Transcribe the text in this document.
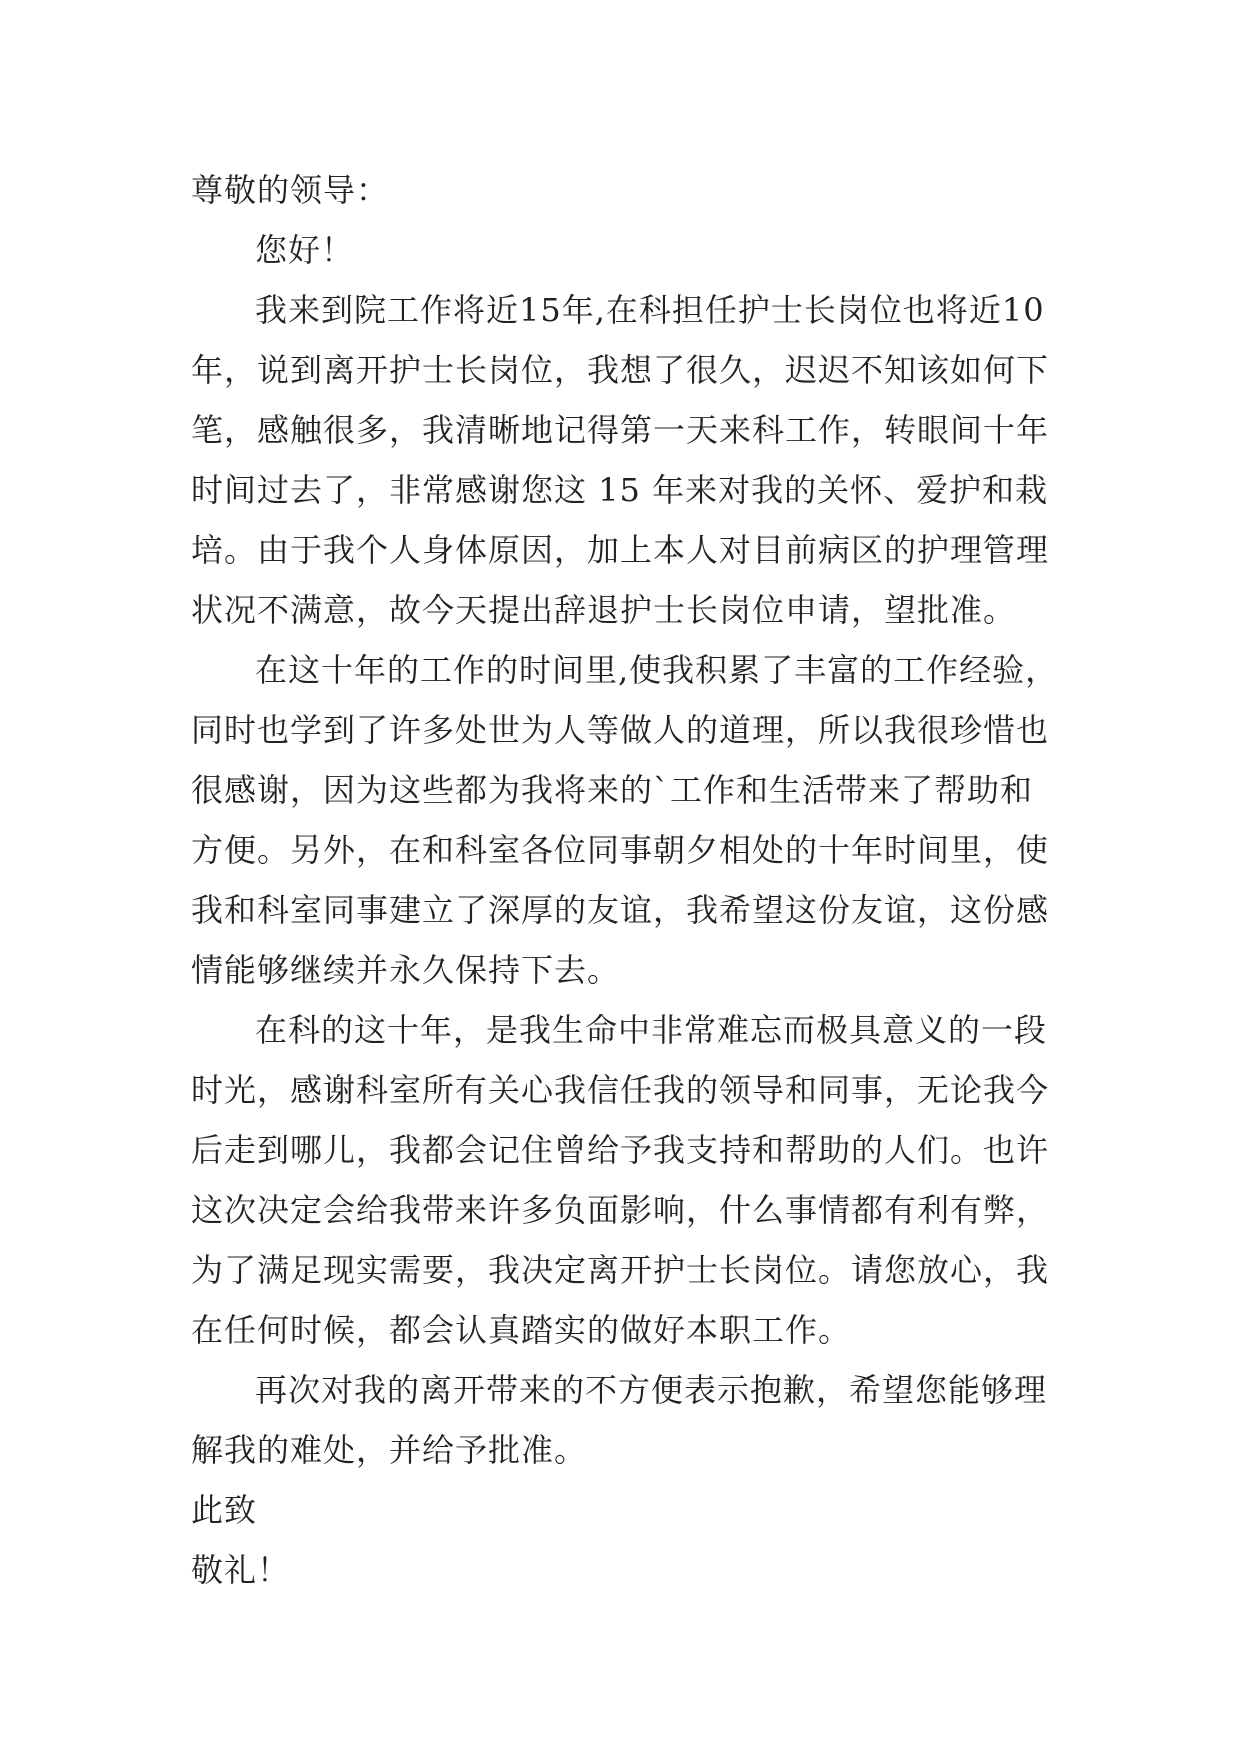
尊敬的领导：
您好！
我来到院工作将近15年,在科担任护士长岗位也将近10
年，说到离开护士长岗位，我想了很久，迟迟不知该如何下
笔，感触很多，我清晰地记得第一天来科工作，转眼间十年
时间过去了，非常感谢您这 15 年来对我的关怀、爱护和栽
培。由于我个人身体原因，加上本人对目前病区的护理管理
状况不满意，故今天提出辞退护士长岗位申请，望批准。
在这十年的工作的时间里,使我积累了丰富的工作经验，
同时也学到了许多处世为人等做人的道理，所以我很珍惜也
很感谢，因为这些都为我将来的`工作和生活带来了帮助和
方便。另外，在和科室各位同事朝夕相处的十年时间里，使
我和科室同事建立了深厚的友谊，我希望这份友谊，这份感
情能够继续并永久保持下去。
在科的这十年，是我生命中非常难忘而极具意义的一段
时光，感谢科室所有关心我信任我的领导和同事，无论我今
后走到哪儿，我都会记住曾给予我支持和帮助的人们。也许
这次决定会给我带来许多负面影响，什么事情都有利有弊，
为了满足现实需要，我决定离开护士长岗位。请您放心，我
在任何时候，都会认真踏实的做好本职工作。
再次对我的离开带来的不方便表示抱歉，希望您能够理
解我的难处，并给予批准。
此致
敬礼！
